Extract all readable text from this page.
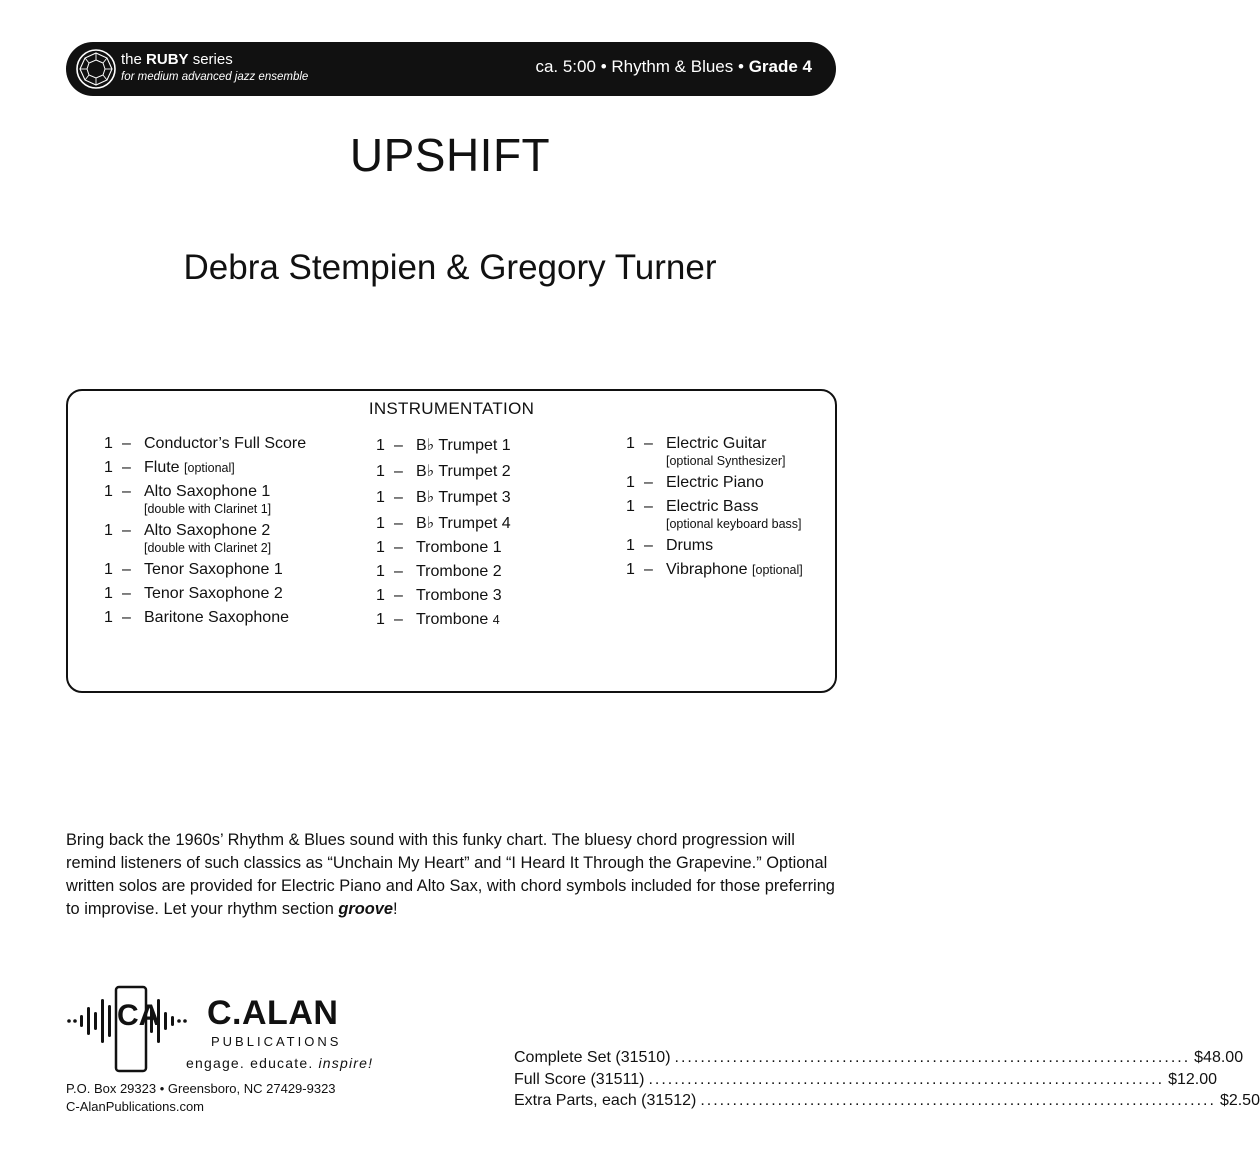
the RUBY series
for medium advanced jazz ensemble
ca. 5:00 • Rhythm & Blues • Grade 4
UPSHIFT
Debra Stempien & Gregory Turner
INSTRUMENTATION
1 – Conductor’s Full Score
1 – Flute [optional]
1 – Alto Saxophone 1
[double with Clarinet 1]
1 – Alto Saxophone 2
[double with Clarinet 2]
1 – Tenor Saxophone 1
1 – Tenor Saxophone 2
1 – Baritone Saxophone
1 – B♭ Trumpet 1
1 – B♭ Trumpet 2
1 – B♭ Trumpet 3
1 – B♭ Trumpet 4
1 – Trombone 1
1 – Trombone 2
1 – Trombone 3
1 – Trombone 4
1 – Electric Guitar
[optional Synthesizer]
1 – Electric Piano
1 – Electric Bass
[optional keyboard bass]
1 – Drums
1 – Vibraphone [optional]
Bring back the 1960s’ Rhythm & Blues sound with this funky chart. The bluesy chord progression will remind listeners of such classics as “Unchain My Heart” and “I Heard It Through the Grapevine.” Optional written solos are provided for Electric Piano and Alto Sax, with chord symbols included for those preferring to improvise. Let your rhythm section groove!
CA C.ALAN
PUBLICATIONS
engage. educate. inspire!
P.O. Box 29323 • Greensboro, NC 27429-9323
C-AlanPublications.com
Complete Set (31510) ................................................................................ $48.00
Full Score (31511) ................................................................................ $12.00
Extra Parts, each (31512) ................................................................................ $2.50
